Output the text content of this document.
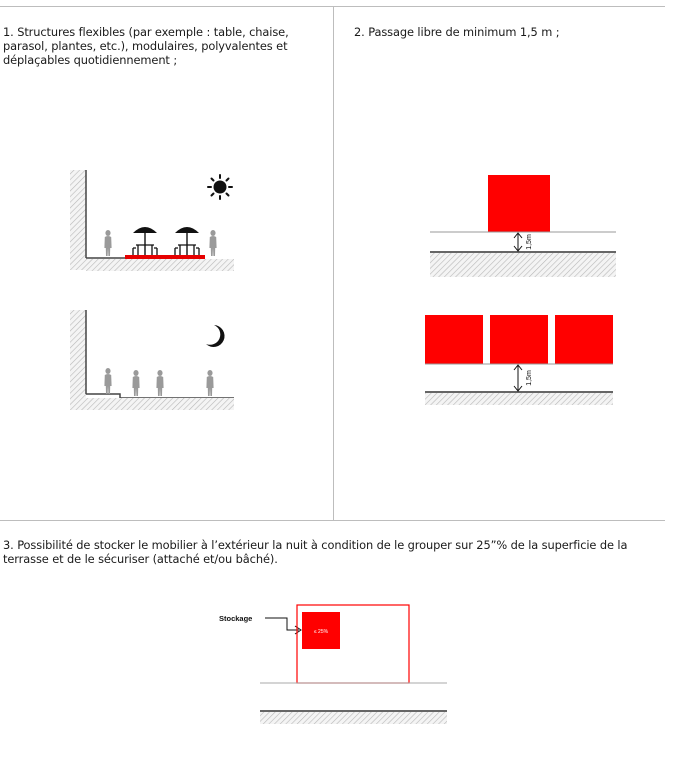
1. Structures flexibles (par exemple : table, chaise, parasol, plantes, etc.), modulaires, polyvalentes et déplaçables quotidiennement ;

2. Passage libre de minimum 1,5 m ;

3. Possibilité de stocker le mobilier à l’extérieur la nuit à condition de le grouper sur 25”% de la superficie de la terrasse et de le sécuriser (attaché et/ou bâché).

1,5m
1,5m
Stockage
≤ 25%
